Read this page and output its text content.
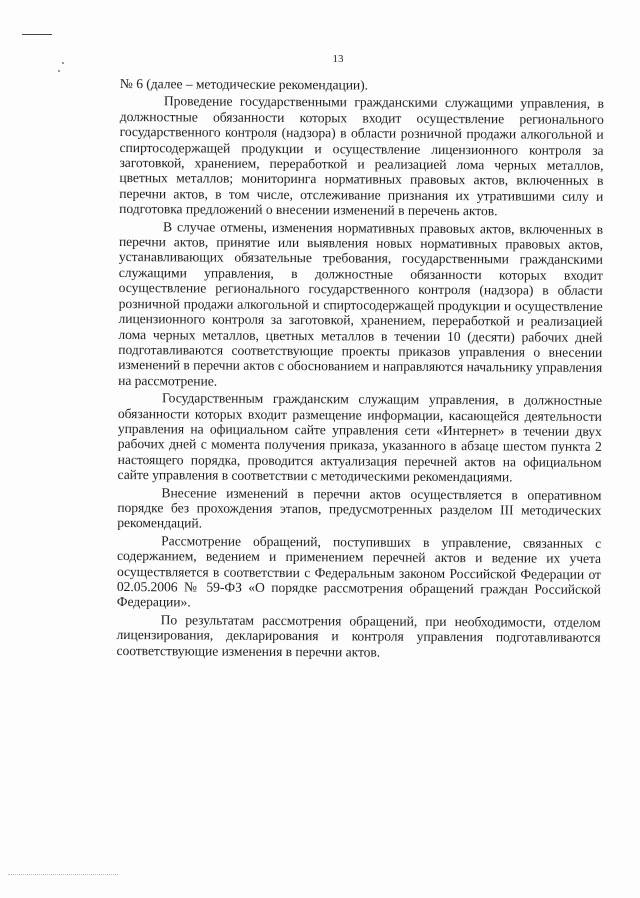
13

№ 6 (далее – методические рекомендации).

Проведение государственными гражданскими служащими управления, в должностные обязанности которых входит осуществление регионального государственного контроля (надзора) в области розничной продажи алкогольной и спиртосодержащей продукции и осуществление лицензионного контроля за заготовкой, хранением, переработкой и реализацией лома черных металлов, цветных металлов; мониторинга нормативных правовых актов, включенных в перечни актов, в том числе, отслеживание признания их утратившими силу и подготовка предложений о внесении изменений в перечень актов.

В случае отмены, изменения нормативных правовых актов, включенных в перечни актов, принятие или выявления новых нормативных правовых актов, устанавливающих обязательные требования, государственными гражданскими служащими управления, в должностные обязанности которых входит осуществление регионального государственного контроля (надзора) в области розничной продажи алкогольной и спиртосодержащей продукции и осуществление лицензионного контроля за заготовкой, хранением, переработкой и реализацией лома черных металлов, цветных металлов в течении 10 (десяти) рабочих дней подготавливаются соответствующие проекты приказов управления о внесении изменений в перечни актов с обоснованием и направляются начальнику управления на рассмотрение.

Государственным гражданским служащим управления, в должностные обязанности которых входит размещение информации, касающейся деятельности управления на официальном сайте управления сети «Интернет» в течении двух рабочих дней с момента получения приказа, указанного в абзаце шестом пункта 2 настоящего порядка, проводится актуализация перечней актов на официальном сайте управления в соответствии с методическими рекомендациями.

Внесение изменений в перечни актов осуществляется в оперативном порядке без прохождения этапов, предусмотренных разделом III методических рекомендаций.

Рассмотрение обращений, поступивших в управление, связанных с содержанием, ведением и применением перечней актов и ведение их учета осуществляется в соответствии с Федеральным законом Российской Федерации от 02.05.2006 № 59-ФЗ «О порядке рассмотрения обращений граждан Российской Федерации».

По результатам рассмотрения обращений, при необходимости, отделом лицензирования, декларирования и контроля управления подготавливаются соответствующие изменения в перечни актов.
